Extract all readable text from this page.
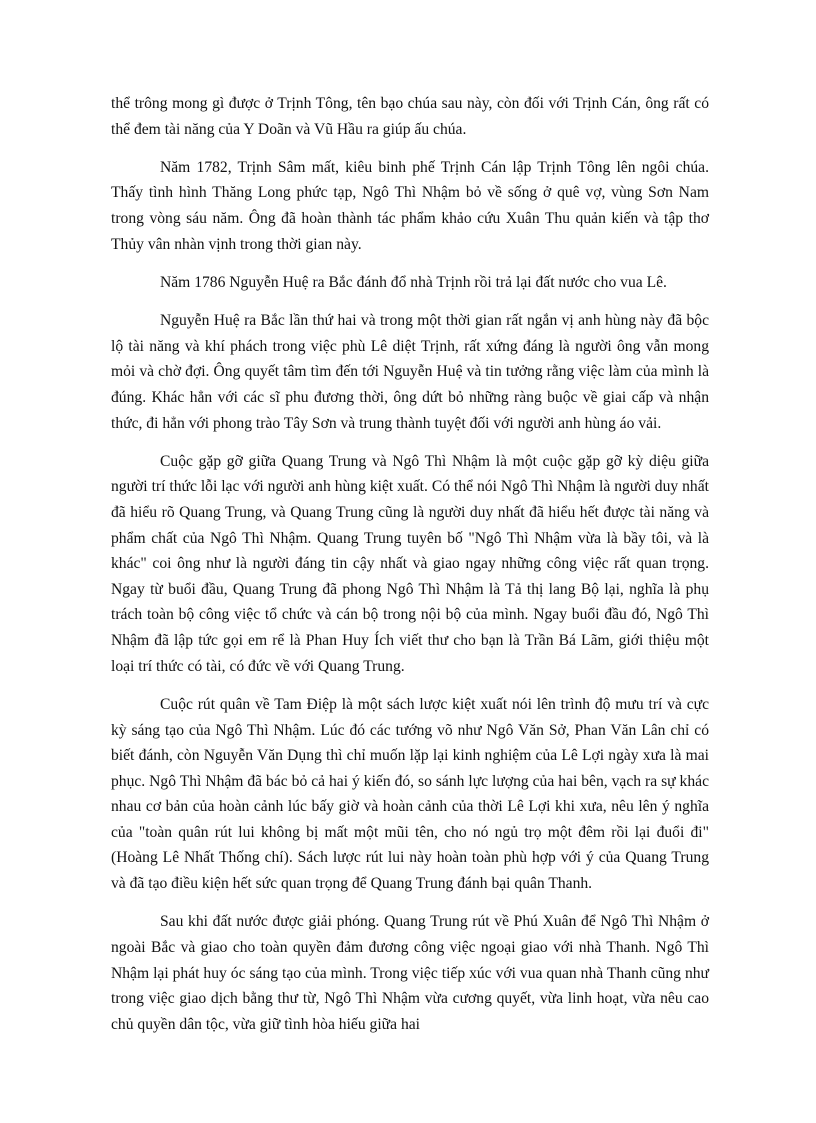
thể trông mong gì được ở Trịnh Tông, tên bạo chúa sau này, còn đối với Trịnh Cán, ông rất có thể đem tài năng của Y Doãn và Vũ Hầu ra giúp ấu chúa.

Năm 1782, Trịnh Sâm mất, kiêu binh phế Trịnh Cán lập Trịnh Tông lên ngôi chúa. Thấy tình hình Thăng Long phức tạp, Ngô Thì Nhậm bỏ về sống ở quê vợ, vùng Sơn Nam trong vòng sáu năm. Ông đã hoàn thành tác phẩm khảo cứu Xuân Thu quản kiến và tập thơ Thủy vân nhàn vịnh trong thời gian này.

Năm 1786 Nguyễn Huệ ra Bắc đánh đổ nhà Trịnh rồi trả lại đất nước cho vua Lê.

Nguyễn Huệ ra Bắc lần thứ hai và trong một thời gian rất ngắn vị anh hùng này đã bộc lộ tài năng và khí phách trong việc phù Lê diệt Trịnh, rất xứng đáng là người ông vẫn mong mỏi và chờ đợi. Ông quyết tâm tìm đến tới Nguyễn Huệ và tin tưởng rằng việc làm của mình là đúng. Khác hẳn với các sĩ phu đương thời, ông dứt bỏ những ràng buộc về giai cấp và nhận thức, đi hẳn với phong trào Tây Sơn và trung thành tuyệt đối với người anh hùng áo vải.

Cuộc gặp gỡ giữa Quang Trung và Ngô Thì Nhậm là một cuộc gặp gỡ kỳ diệu giữa người trí thức lỗi lạc với người anh hùng kiệt xuất. Có thể nói Ngô Thì Nhậm là người duy nhất đã hiểu rõ Quang Trung, và Quang Trung cũng là người duy nhất đã hiểu hết được tài năng và phẩm chất của Ngô Thì Nhậm. Quang Trung tuyên bố "Ngô Thì Nhậm vừa là bầy tôi, và là khác" coi ông như là người đáng tin cậy nhất và giao ngay những công việc rất quan trọng. Ngay từ buổi đầu, Quang Trung đã phong Ngô Thì Nhậm là Tả thị lang Bộ lại, nghĩa là phụ trách toàn bộ công việc tổ chức và cán bộ trong nội bộ của mình. Ngay buổi đầu đó, Ngô Thì Nhậm đã lập tức gọi em rể là Phan Huy Ích viết thư cho bạn là Trần Bá Lãm, giới thiệu một loại trí thức có tài, có đức về với Quang Trung.

Cuộc rút quân về Tam Điệp là một sách lược kiệt xuất nói lên trình độ mưu trí và cực kỳ sáng tạo của Ngô Thì Nhậm. Lúc đó các tướng võ như Ngô Văn Sở, Phan Văn Lân chỉ có biết đánh, còn Nguyễn Văn Dụng thì chỉ muốn lặp lại kinh nghiệm của Lê Lợi ngày xưa là mai phục. Ngô Thì Nhậm đã bác bỏ cả hai ý kiến đó, so sánh lực lượng của hai bên, vạch ra sự khác nhau cơ bản của hoàn cảnh lúc bấy giờ và hoàn cảnh của thời Lê Lợi khi xưa, nêu lên ý nghĩa của "toàn quân rút lui không bị mất một mũi tên, cho nó ngủ trọ một đêm rồi lại đuổi đi" (Hoàng Lê Nhất Thống chí). Sách lược rút lui này hoàn toàn phù hợp với ý của Quang Trung và đã tạo điều kiện hết sức quan trọng để Quang Trung đánh bại quân Thanh.

Sau khi đất nước được giải phóng. Quang Trung rút về Phú Xuân để Ngô Thì Nhậm ở ngoài Bắc và giao cho toàn quyền đảm đương công việc ngoại giao với nhà Thanh. Ngô Thì Nhậm lại phát huy óc sáng tạo của mình. Trong việc tiếp xúc với vua quan nhà Thanh cũng như trong việc giao dịch bằng thư từ, Ngô Thì Nhậm vừa cương quyết, vừa linh hoạt, vừa nêu cao chủ quyền dân tộc, vừa giữ tình hòa hiếu giữa hai
